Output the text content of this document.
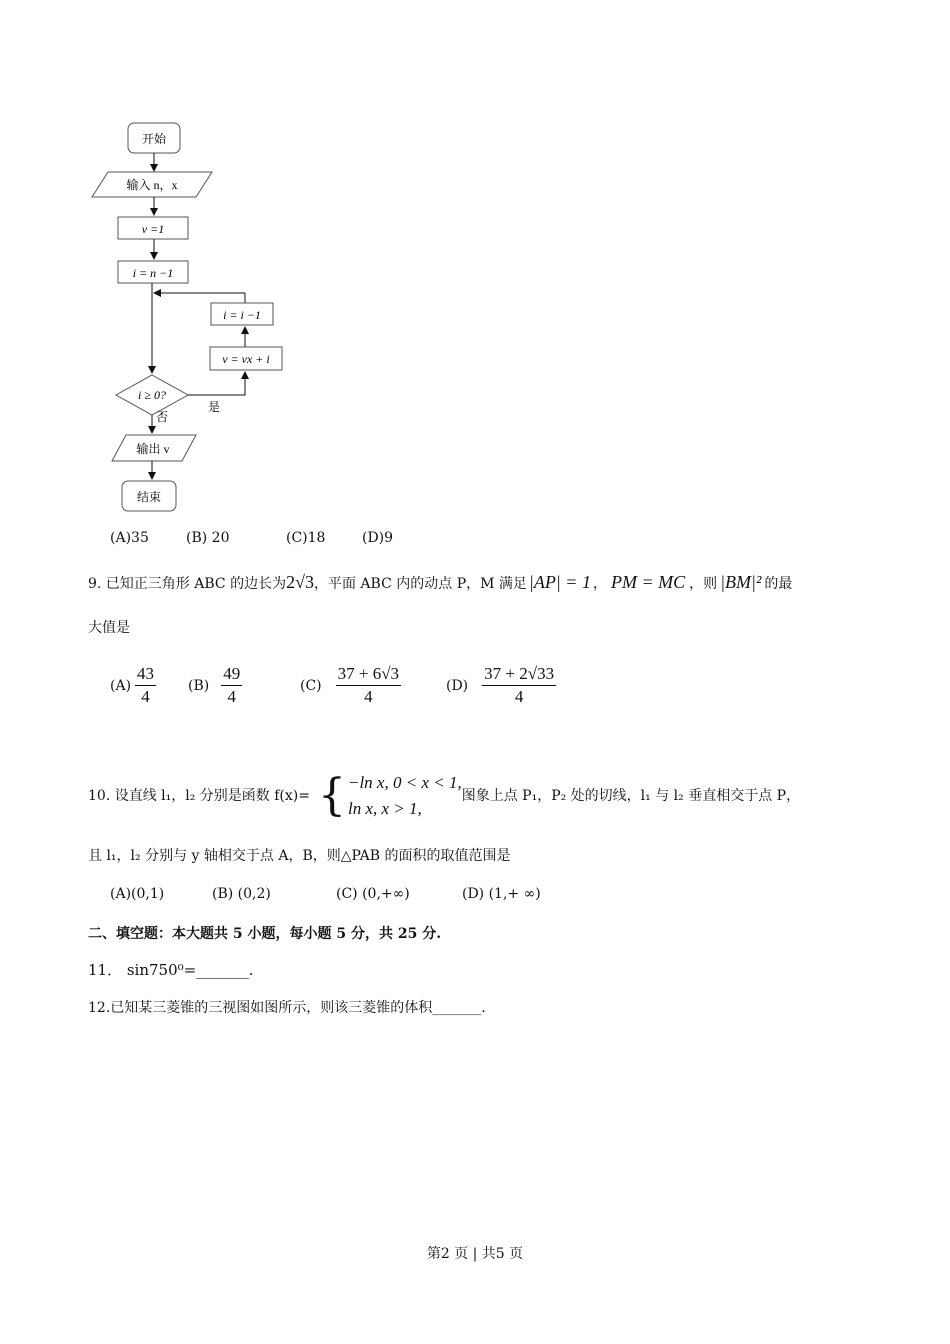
开始
输入 n，x
v =1
i = n −1
i = i −1
v = vx + i
i ≥ 0?
是
否
输出 v
结束
(A)35	(B) 20	(C)18	(D)9
9. 已知正三角形 ABC 的边长为2√3，平面 ABC 内的动点 P，M 满足 |AP| = 1 ， PM = MC ，则 |BM|² 的最
大值是
$(A) \frac{43}{4} (B) \frac{49}{4}$	$(C) \frac{37 + 6√3}{4}$	$(D) \frac{37 + 2√33}{4}$
10. 设直线 l₁，l₂ 分别是函数 f(x)= { −ln x, 0 < x < 1,
ln x, x > 1,
图象上点 P₁，P₂ 处的切线，l₁ 与 l₂ 垂直相交于点 P，
且 l₁，l₂ 分别与 y 轴相交于点 A，B，则△PAB 的面积的取值范围是
(A)(0,1)	(B) (0,2)	(C) (0,+∞)	(D) (1,+ ∞)
二、填空题：本大题共 5 小题，每小题 5 分，共 25 分.
11． sin750⁰=_______.
12.已知某三菱锥的三视图如图所示，则该三菱锥的体积_______.
第2 页 | 共5 页
